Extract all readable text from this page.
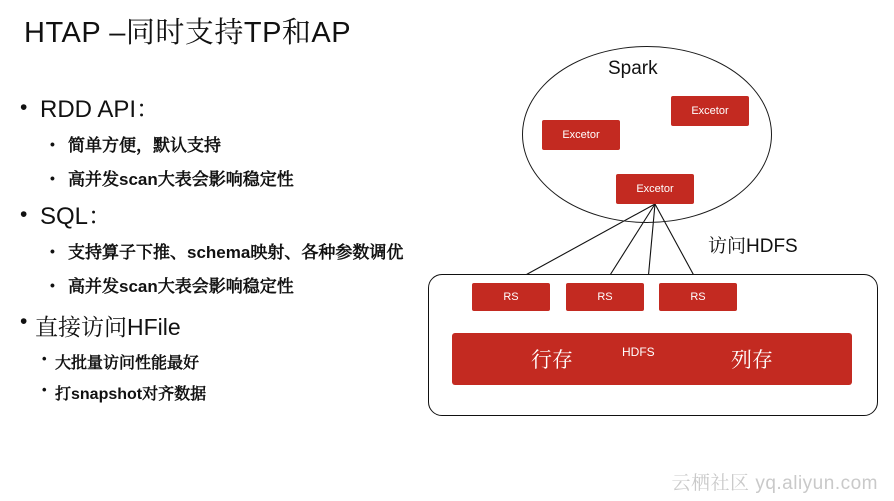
HTAP –同时支持TP和AP
• RDD API：
• 简单方便，默认支持
• 高并发scan大表会影响稳定性
• SQL：
• 支持算子下推、schema映射、各种参数调优
• 高并发scan大表会影响稳定性
• 直接访问HFile
• 大批量访问性能最好
• 打snapshot对齐数据
Spark
Excetor
Excetor
Excetor
访问HDFS
RS	RS	RS
行存	列存
HDFS
云栖社区 yq.aliyun.com
